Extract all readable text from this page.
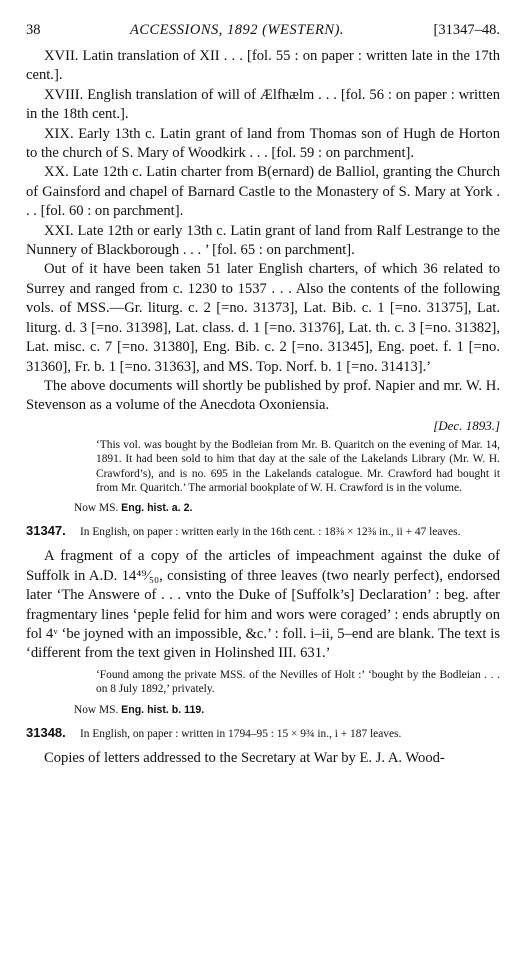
38	ACCESSIONS, 1892 (WESTERN).	[31347–48.

XVII. Latin translation of XII . . . [fol. 55 : on paper : written late in the 17th cent.].

XVIII. English translation of will of Ælfhælm . . . [fol. 56 : on paper : written in the 18th cent.].

XIX. Early 13th c. Latin grant of land from Thomas son of Hugh de Horton to the church of S. Mary of Woodkirk . . . [fol. 59 : on parchment].

XX. Late 12th c. Latin charter from B(ernard) de Balliol, granting the Church of Gainsford and chapel of Barnard Castle to the Monastery of S. Mary at York . . . [fol. 60 : on parchment].

XXI. Late 12th or early 13th c. Latin grant of land from Ralf Lestrange to the Nunnery of Blackborough . . . ’ [fol. 65 : on parchment].

Out of it have been taken 51 later English charters, of which 36 related to Surrey and ranged from c. 1230 to 1537 . . . Also the contents of the following vols. of MSS.—Gr. liturg. c. 2 [=no. 31373], Lat. Bib. c. 1 [=no. 31375], Lat. liturg. d. 3 [=no. 31398], Lat. class. d. 1 [=no. 31376], Lat. th. c. 3 [=no. 31382], Lat. misc. c. 7 [=no. 31380], Eng. Bib. c. 2 [=no. 31345], Eng. poet. f. 1 [=no. 31360], Fr. b. 1 [=no. 31363], and MS. Top. Norf. b. 1 [=no. 31413].’

The above documents will shortly be published by prof. Napier and mr. W. H. Stevenson as a volume of the Anecdota Oxoniensia.

[Dec. 1893.]
‘This vol. was bought by the Bodleian from Mr. B. Quaritch on the evening of Mar. 14, 1891. It had been sold to him that day at the sale of the Lakelands Library (Mr. W. H. Crawford’s), and is no. 695 in the Lakelands catalogue. Mr. Crawford had bought it from Mr. Quaritch.’ The armorial bookplate of W. H. Crawford is in the volume.
Now MS. Eng. hist. a. 2.
31347. In English, on paper : written early in the 16th cent. : 18⅜ × 12⅜ in., ii + 47 leaves.

A fragment of a copy of the articles of impeachment against the duke of Suffolk in A.D. 14⁴⁹⁄₅₀, consisting of three leaves (two nearly perfect), endorsed later ‘The Answere of . . . vnto the Duke of [Suffolk’s] Declaration’ : beg. after fragmentary lines ‘peple felid for him and wors were coraged’ : ends abruptly on fol 4ᵛ ‘be joyned with an impossible, &c.’ : foll. i–ii, 5–end are blank. The text is ‘different from the text given in Holinshed III. 631.’

‘Found among the private MSS. of the Nevilles of Holt :’ ‘bought by the Bodleian . . . on 8 July 1892,’ privately.
Now MS. Eng. hist. b. 119.
31348. In English, on paper : written in 1794–95 : 15 × 9¾ in., i + 187 leaves.

Copies of letters addressed to the Secretary at War by E. J. A. Wood-
